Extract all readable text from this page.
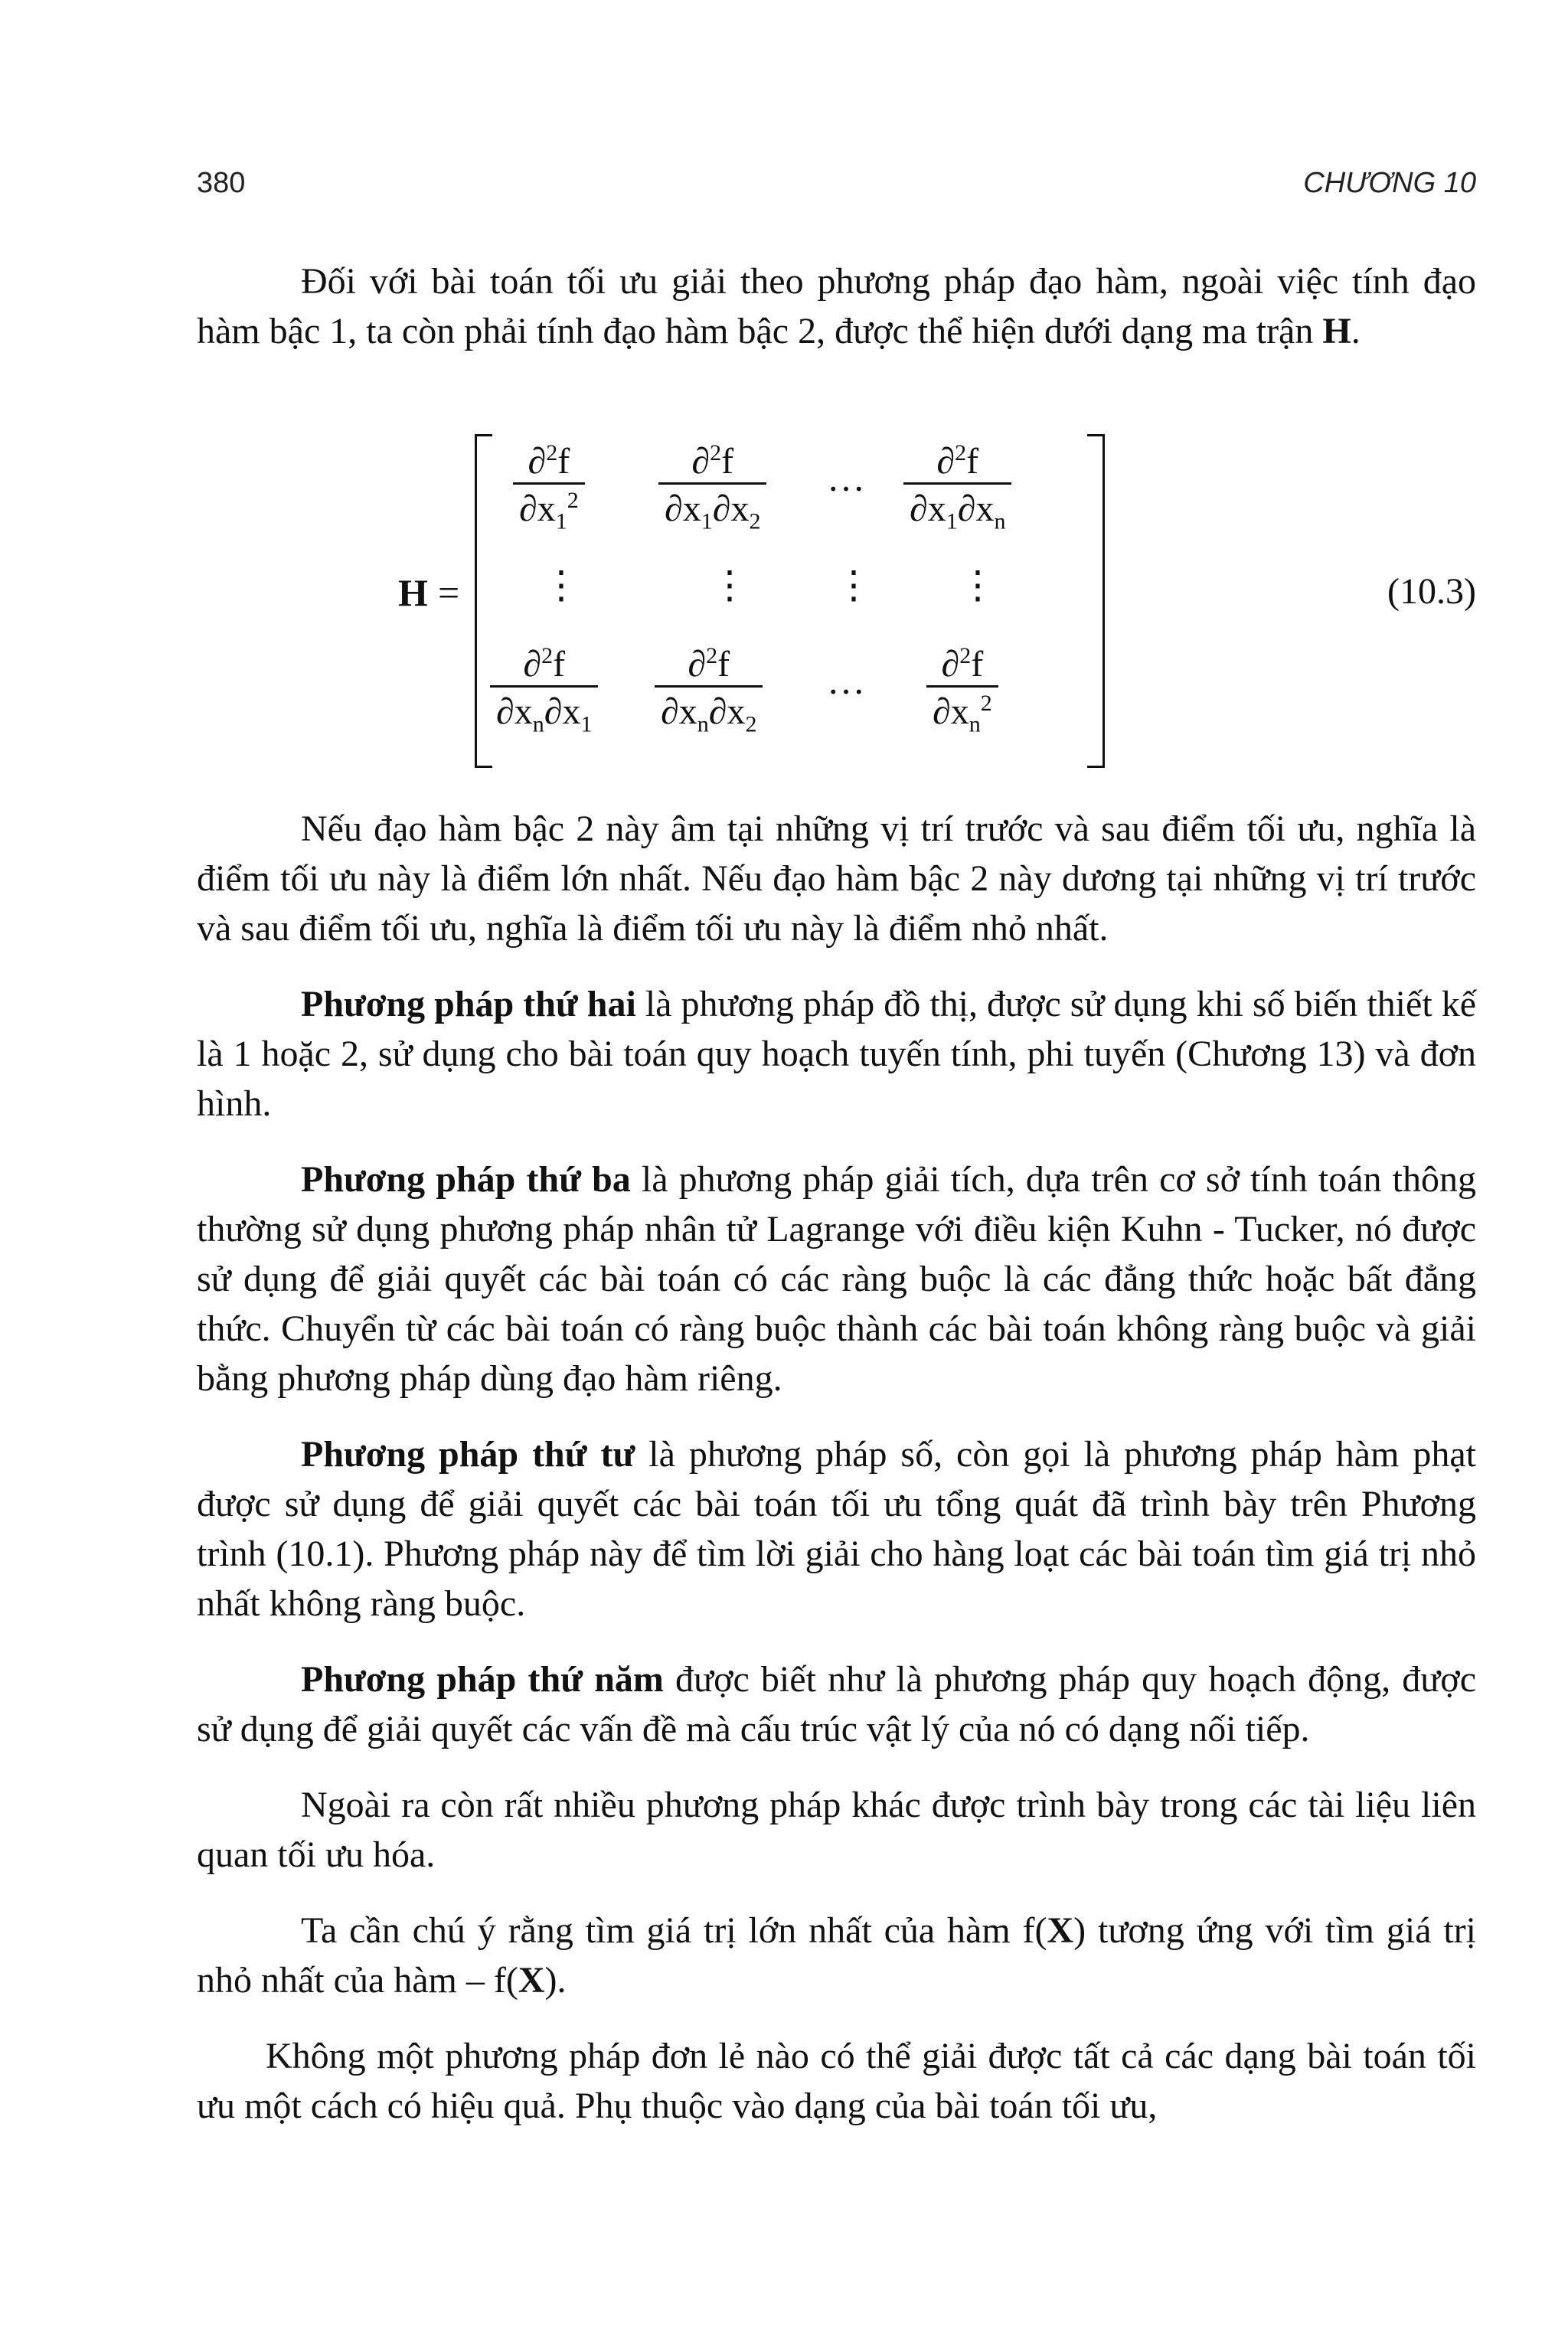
380	CHƯƠNG 10

Đối với bài toán tối ưu giải theo phương pháp đạo hàm, ngoài việc tính đạo hàm bậc 1, ta còn phải tính đạo hàm bậc 2, được thể hiện dưới dạng ma trận H.

H =
$\frac{\partial^2f}{\partial x_1^2} \frac{\partial^2f}{\partial x_1\partial x_2}$ … $\frac{\partial^2f}{\partial x_1\partial x_n}$
⋮	⋮ ⋮ ⋮
$\frac{\partial^2f}{\partial x_n\partial x_1} \frac{\partial^2f}{\partial x_n\partial x_2}$ … $\frac{\partial^2f}{\partial x_n^2}$
(10.3)

Nếu đạo hàm bậc 2 này âm tại những vị trí trước và sau điểm tối ưu, nghĩa là điểm tối ưu này là điểm lớn nhất. Nếu đạo hàm bậc 2 này dương tại những vị trí trước và sau điểm tối ưu, nghĩa là điểm tối ưu này là điểm nhỏ nhất.

Phương pháp thứ hai là phương pháp đồ thị, được sử dụng khi số biến thiết kế là 1 hoặc 2, sử dụng cho bài toán quy hoạch tuyến tính, phi tuyến (Chương 13) và đơn hình.

Phương pháp thứ ba là phương pháp giải tích, dựa trên cơ sở tính toán thông thường sử dụng phương pháp nhân tử Lagrange với điều kiện Kuhn - Tucker, nó được sử dụng để giải quyết các bài toán có các ràng buộc là các đẳng thức hoặc bất đẳng thức. Chuyển từ các bài toán có ràng buộc thành các bài toán không ràng buộc và giải bằng phương pháp dùng đạo hàm riêng.

Phương pháp thứ tư là phương pháp số, còn gọi là phương pháp hàm phạt được sử dụng để giải quyết các bài toán tối ưu tổng quát đã trình bày trên Phương trình (10.1). Phương pháp này để tìm lời giải cho hàng loạt các bài toán tìm giá trị nhỏ nhất không ràng buộc.

Phương pháp thứ năm được biết như là phương pháp quy hoạch động, được sử dụng để giải quyết các vấn đề mà cấu trúc vật lý của nó có dạng nối tiếp.

Ngoài ra còn rất nhiều phương pháp khác được trình bày trong các tài liệu liên quan tối ưu hóa.

Ta cần chú ý rằng tìm giá trị lớn nhất của hàm f(X) tương ứng với tìm giá trị nhỏ nhất của hàm – f(X).

Không một phương pháp đơn lẻ nào có thể giải được tất cả các dạng bài toán tối ưu một cách có hiệu quả. Phụ thuộc vào dạng của bài toán tối ưu,
